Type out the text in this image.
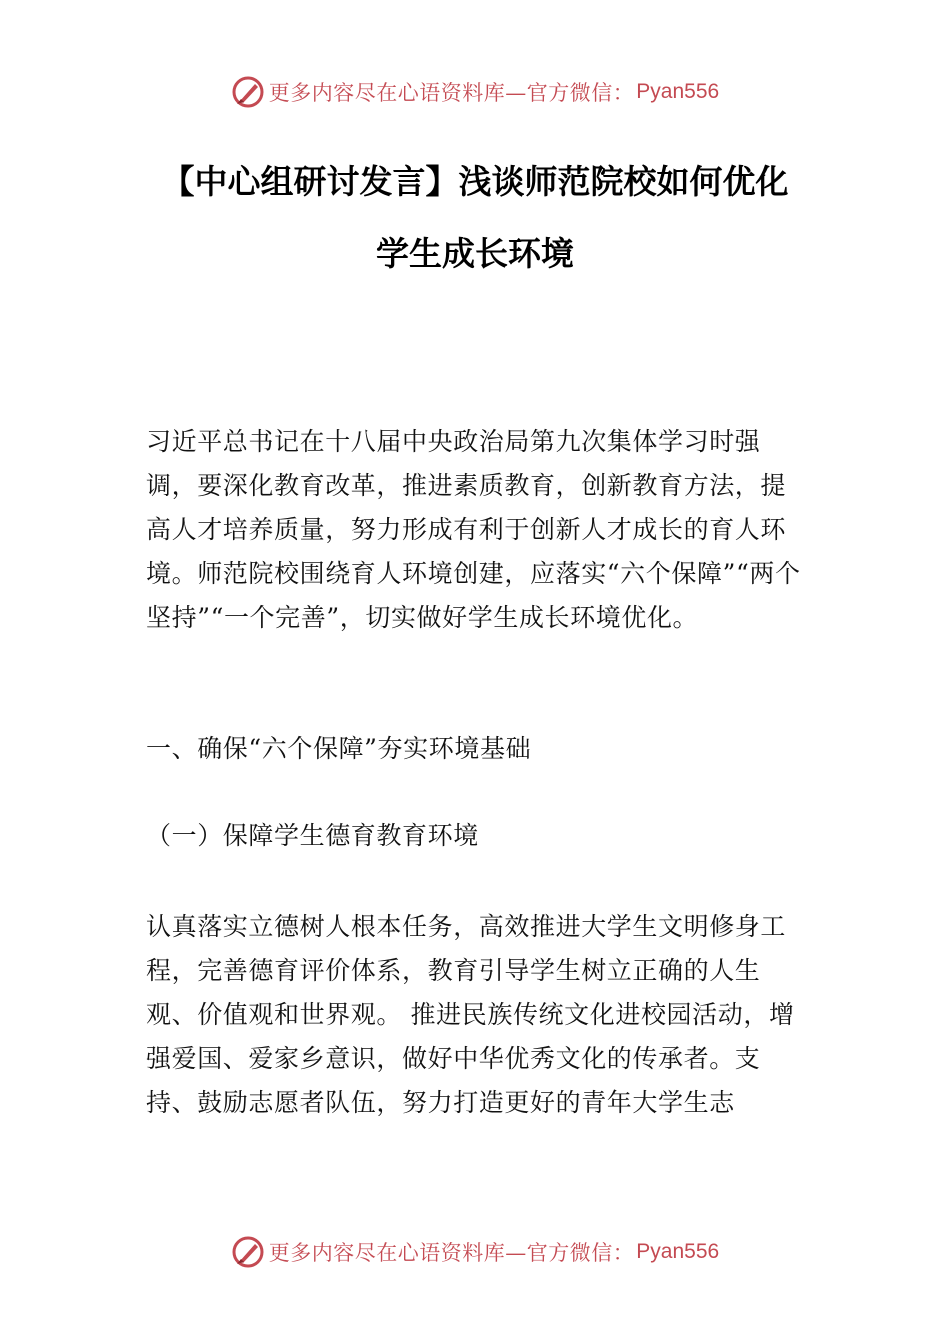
更多内容尽在心语资料库—官方微信： Pyan556
【中心组研讨发言】浅谈师范院校如何优化
学生成长环境

习近平总书记在十八届中央政治局第九次集体学习时强调，要深化教育改革，推进素质教育，创新教育方法，提高人才培养质量，努力形成有利于创新人才成长的育人环境。师范院校围绕育人环境创建，应落实“六个保障”“两个坚持”“一个完善”，切实做好学生成长环境优化。

一、确保“六个保障”夯实环境基础

（一）保障学生德育教育环境

认真落实立德树人根本任务，高效推进大学生文明修身工程，完善德育评价体系，教育引导学生树立正确的人生观、价值观和世界观。 推进民族传统文化进校园活动，增强爱国、爱家乡意识，做好中华优秀文化的传承者。支持、鼓励志愿者队伍，努力打造更好的青年大学生志

更多内容尽在心语资料库—官方微信： Pyan556
